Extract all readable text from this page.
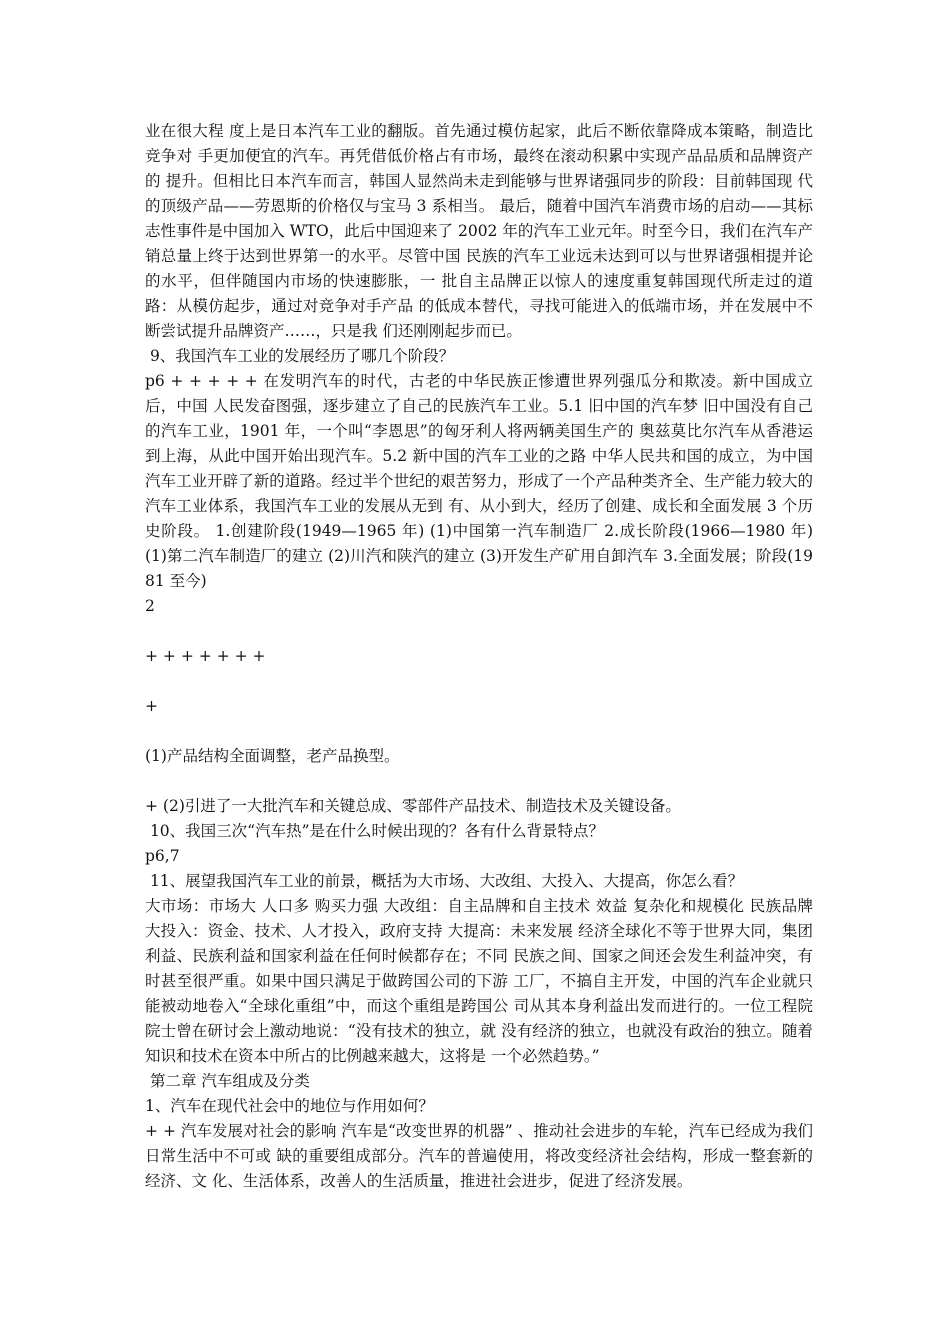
业在很大程 度上是日本汽车工业的翻版。首先通过模仿起家，此后不断依靠降成本策略，制造比竞争对 手更加便宜的汽车。再凭借低价格占有市场，最终在滚动积累中实现产品品质和品牌资产的 提升。但相比日本汽车而言，韩国人显然尚未走到能够与世界诸强同步的阶段：目前韩国现 代的顶级产品——劳恩斯的价格仅与宝马 3 系相当。 最后，随着中国汽车消费市场的启动——其标志性事件是中国加入 WTO，此后中国迎来了 2002 年的汽车工业元年。时至今日，我们在汽车产销总量上终于达到世界第一的水平。尽管中国 民族的汽车工业远未达到可以与世界诸强相提并论的水平，但伴随国内市场的快速膨胀，一 批自主品牌正以惊人的速度重复韩国现代所走过的道路：从模仿起步，通过对竞争对手产品 的低成本替代，寻找可能进入的低端市场，并在发展中不断尝试提升品牌资产……，只是我 们还刚刚起步而已。

9、我国汽车工业的发展经历了哪几个阶段？

p6 + + + + + 在发明汽车的时代，古老的中华民族正惨遭世界列强瓜分和欺凌。新中国成立后，中国 人民发奋图强，逐步建立了自己的民族汽车工业。5.1 旧中国的汽车梦 旧中国没有自己的汽车工业，1901 年，一个叫“李恩思”的匈牙利人将两辆美国生产的 奥兹莫比尔汽车从香港运到上海，从此中国开始出现汽车。5.2 新中国的汽车工业的之路 中华人民共和国的成立，为中国汽车工业开辟了新的道路。经过半个世纪的艰苦努力，形成了一个产品种类齐全、生产能力较大的汽车工业体系，我国汽车工业的发展从无到 有、从小到大，经历了创建、成长和全面发展 3 个历史阶段。 1.创建阶段(1949—1965 年) (1)中国第一汽车制造厂 2.成长阶段(1966—1980 年) (1)第二汽车制造厂的建立 (2)川汽和陕汽的建立 (3)开发生产矿用自卸汽车 3.全面发展；阶段(1981 至今)

2

+ + + + + + +

+

(1)产品结构全面调整，老产品换型。

+ (2)引进了一大批汽车和关键总成、零部件产品技术、制造技术及关键设备。

10、我国三次“汽车热”是在什么时候出现的？各有什么背景特点？

p6,7

11、展望我国汽车工业的前景，概括为大市场、大改组、大投入、大提高，你怎么看？

大市场：市场大 人口多 购买力强 大改组：自主品牌和自主技术 效益 复杂化和规模化 民族品牌 大投入：资金、技术、人才投入，政府支持 大提高：未来发展 经济全球化不等于世界大同，集团利益、民族利益和国家利益在任何时候都存在；不同 民族之间、国家之间还会发生利益冲突，有时甚至很严重。如果中国只满足于做跨国公司的下游 工厂，不搞自主开发，中国的汽车企业就只能被动地卷入“全球化重组”中，而这个重组是跨国公 司从其本身利益出发而进行的。一位工程院院士曾在研讨会上激动地说：“没有技术的独立，就 没有经济的独立，也就没有政治的独立。随着知识和技术在资本中所占的比例越来越大，这将是 一个必然趋势。”

第二章 汽车组成及分类

1、汽车在现代社会中的地位与作用如何？

+ + 汽车发展对社会的影响 汽车是“改变世界的机器” 、推动社会进步的车轮，汽车已经成为我们日常生活中不可或 缺的重要组成部分。汽车的普遍使用，将改变经济社会结构，形成一整套新的经济、文 化、生活体系，改善人的生活质量，推进社会进步，促进了经济发展。
